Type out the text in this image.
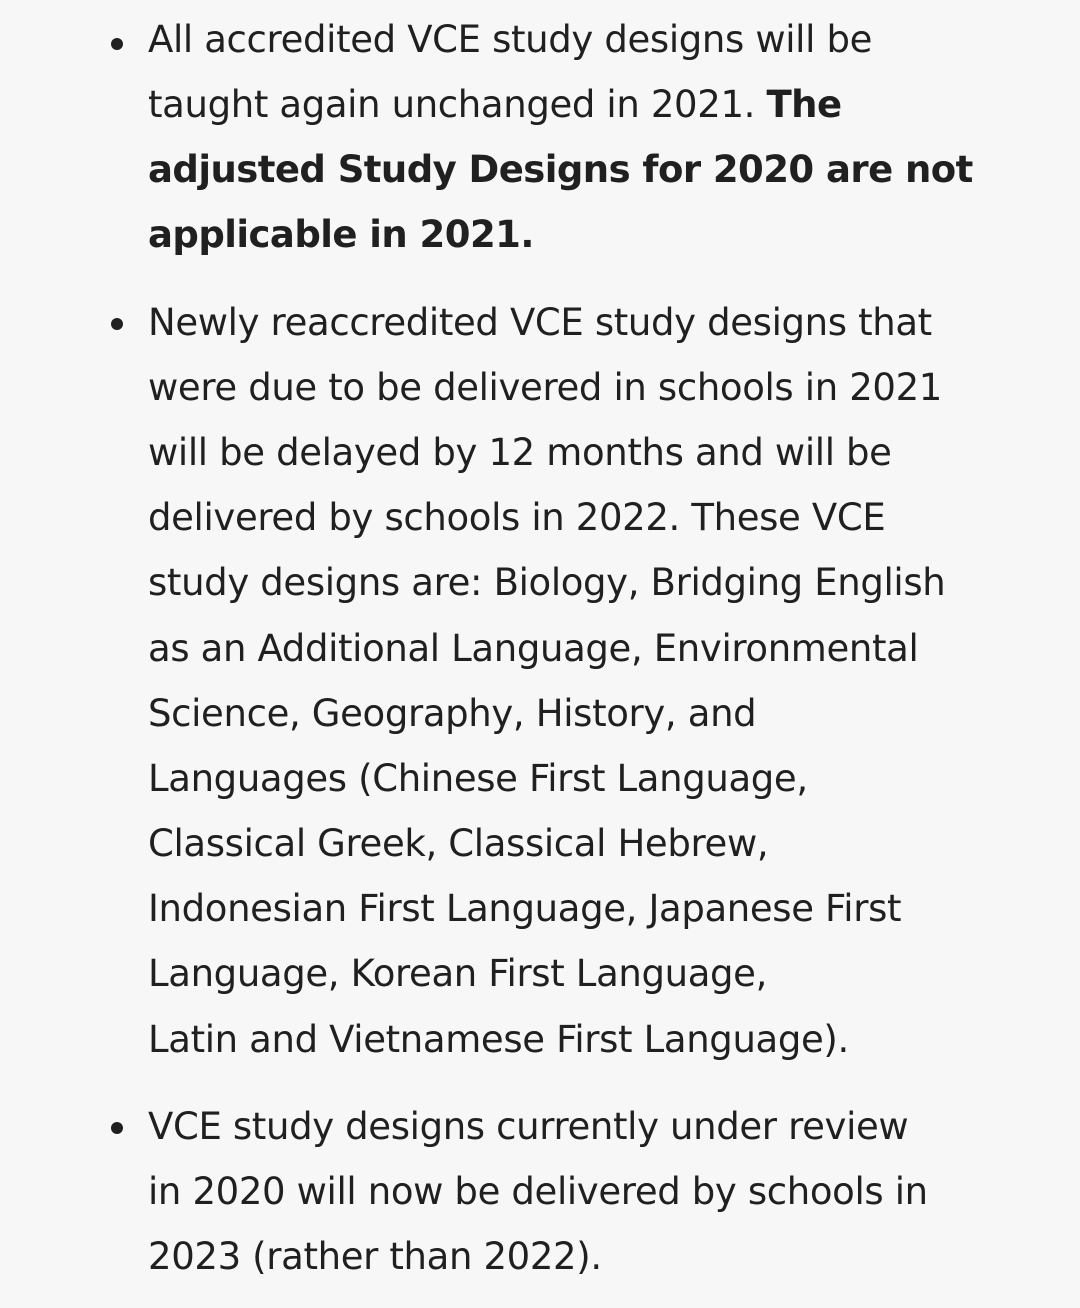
All accredited VCE study designs will be
taught again unchanged in 2021. The
adjusted Study Designs for 2020 are not
applicable in 2021.
Newly reaccredited VCE study designs that
were due to be delivered in schools in 2021
will be delayed by 12 months and will be
delivered by schools in 2022. These VCE
study designs are: Biology, Bridging English
as an Additional Language, Environmental
Science, Geography, History, and
Languages (Chinese First Language,
Classical Greek, Classical Hebrew,
Indonesian First Language, Japanese First
Language, Korean First Language,
Latin and Vietnamese First Language).
VCE study designs currently under review
in 2020 will now be delivered by schools in
2023 (rather than 2022).
